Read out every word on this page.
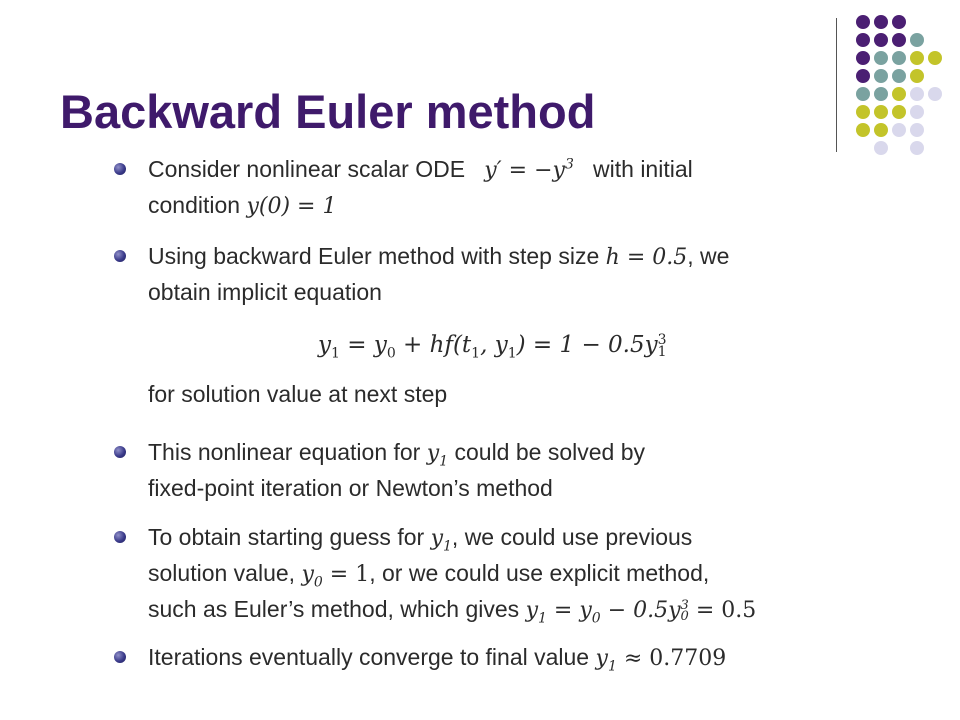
Backward Euler method
Consider nonlinear scalar ODE $y' = -y^3$ with initial
condition y(0) = 1
Using backward Euler method with step size h = 0.5, we
obtain implicit equation
$y_1 = y_0 + hf(t_1$, $y_1) = 1 - 0.5y$ 3
1
for solution value at next step
This nonlinear equation for $y_1$ could be solved by
fixed-point iteration or Newton’s method
To obtain starting guess for $y_1$, we could use previous
solution value, $y_0 = 1$, or we could use explicit method,
such as Euler’s method, which gives $y_1 = y_0 - 0.5y$ 3
0 = 0.5
Iterations eventually converge to final value $y_1 \approx 0.7709$
